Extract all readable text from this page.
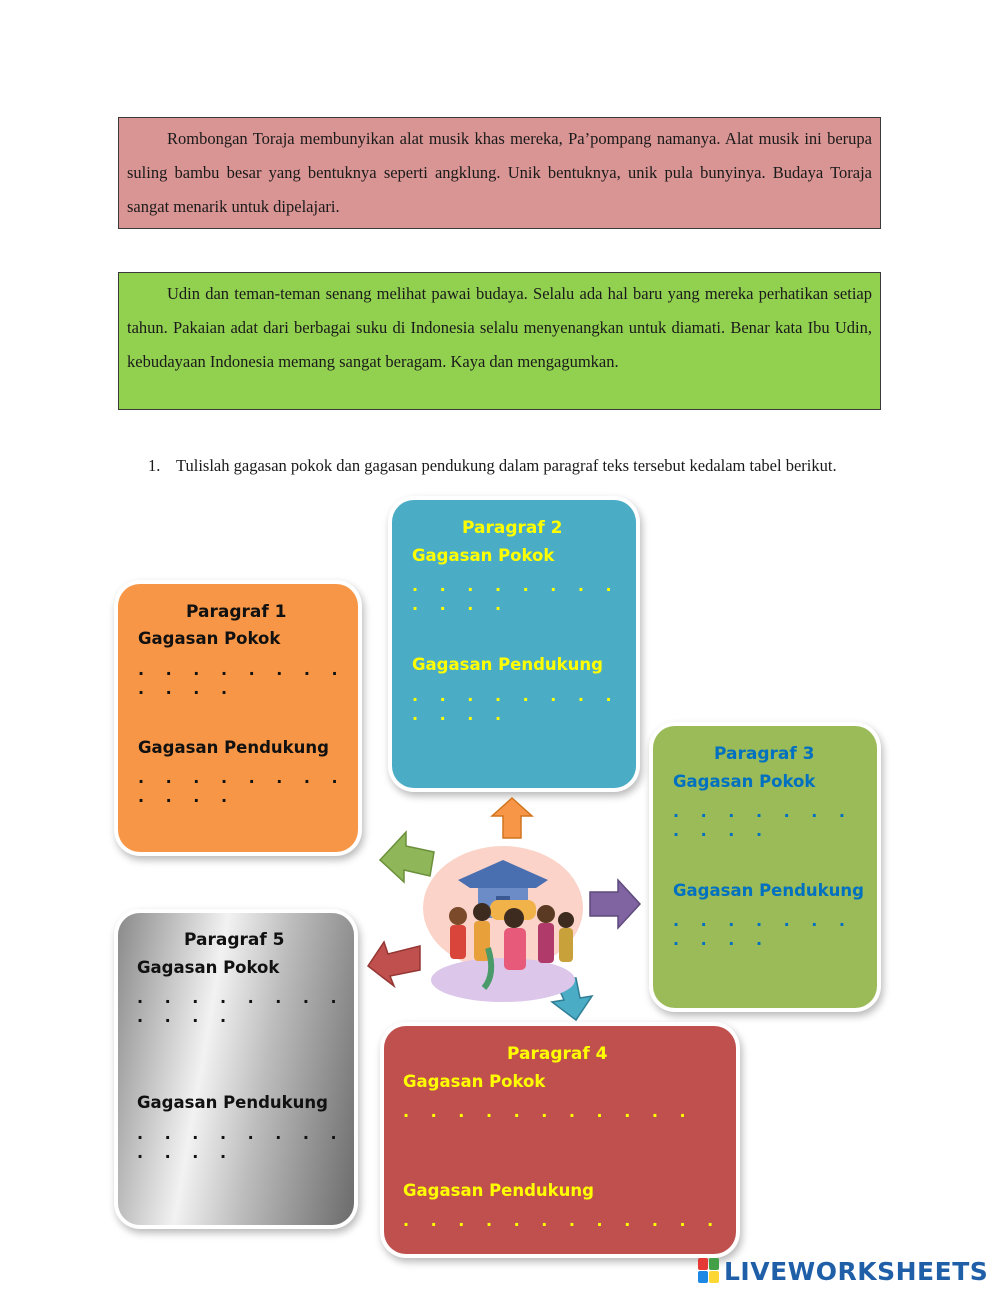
Rombongan Toraja membunyikan alat musik khas mereka, Pa’pompang namanya. Alat musik ini berupa suling bambu besar yang bentuknya seperti angklung. Unik bentuknya, unik pula bunyinya. Budaya Toraja sangat menarik untuk dipelajari.
Udin dan teman-teman senang melihat pawai budaya. Selalu ada hal baru yang mereka perhatikan setiap tahun. Pakaian adat dari berbagai suku di Indonesia selalu menyenangkan untuk diamati. Benar kata Ibu Udin, kebudayaan Indonesia memang sangat beragam. Kaya dan mengagumkan.
1. Tulislah gagasan pokok dan gagasan pendukung dalam paragraf teks tersebut kedalam tabel berikut.
Paragraf 1
Gagasan Pokok
. . . . . . . . . . . .
Gagasan Pendukung
. . . . . . . . . . . .
Paragraf 2
Gagasan Pokok
. . . . . . . . . . . .
Gagasan Pendukung
. . . . . . . . . . . .
Paragraf 3
Gagasan Pokok
. . . . . . . . . . .
Gagasan Pendukung
. . . . . . . . . . .
Paragraf 4
Gagasan Pokok
. . . . . . . . . . .
Gagasan Pendukung
. . . . . . . . . . . .
Paragraf 5
Gagasan Pokok
. . . . . . . . . . . .
Gagasan Pendukung
. . . . . . . . . . . .
LIVEWORKSHEETS
